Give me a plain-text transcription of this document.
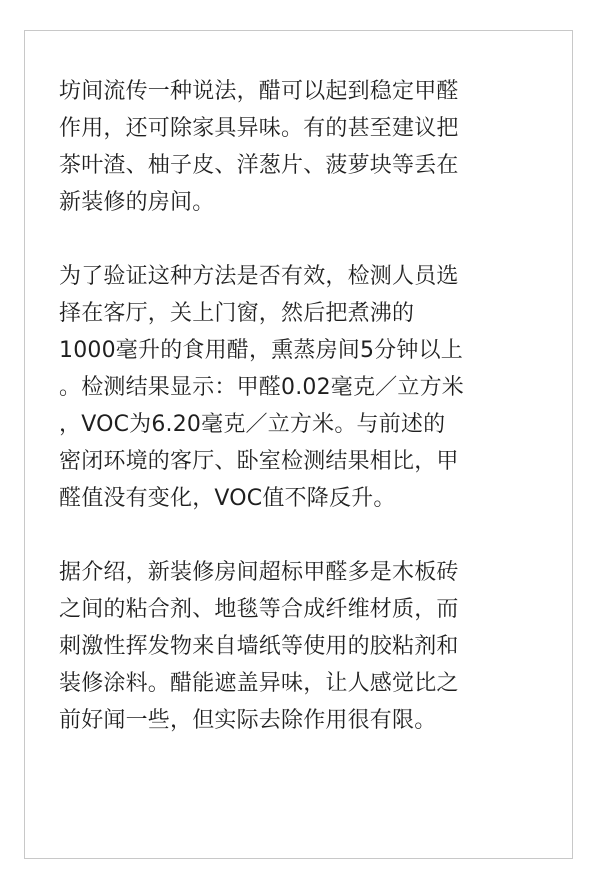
坊间流传一种说法，醋可以起到稳定甲醛
作用，还可除家具异味。有的甚至建议把
茶叶渣、柚子皮、洋葱片、菠萝块等丢在
新装修的房间。
为了验证这种方法是否有效，检测人员选
择在客厅，关上门窗，然后把煮沸的
1000毫升的食用醋，熏蒸房间5分钟以上
。检测结果显示：甲醛0.02毫克／立方米
，VOC为6.20毫克／立方米。与前述的
密闭环境的客厅、卧室检测结果相比，甲
醛值没有变化，VOC值不降反升。
据介绍，新装修房间超标甲醛多是木板砖
之间的粘合剂、地毯等合成纤维材质，而
刺激性挥发物来自墙纸等使用的胶粘剂和
装修涂料。醋能遮盖异味，让人感觉比之
前好闻一些，但实际去除作用很有限。
